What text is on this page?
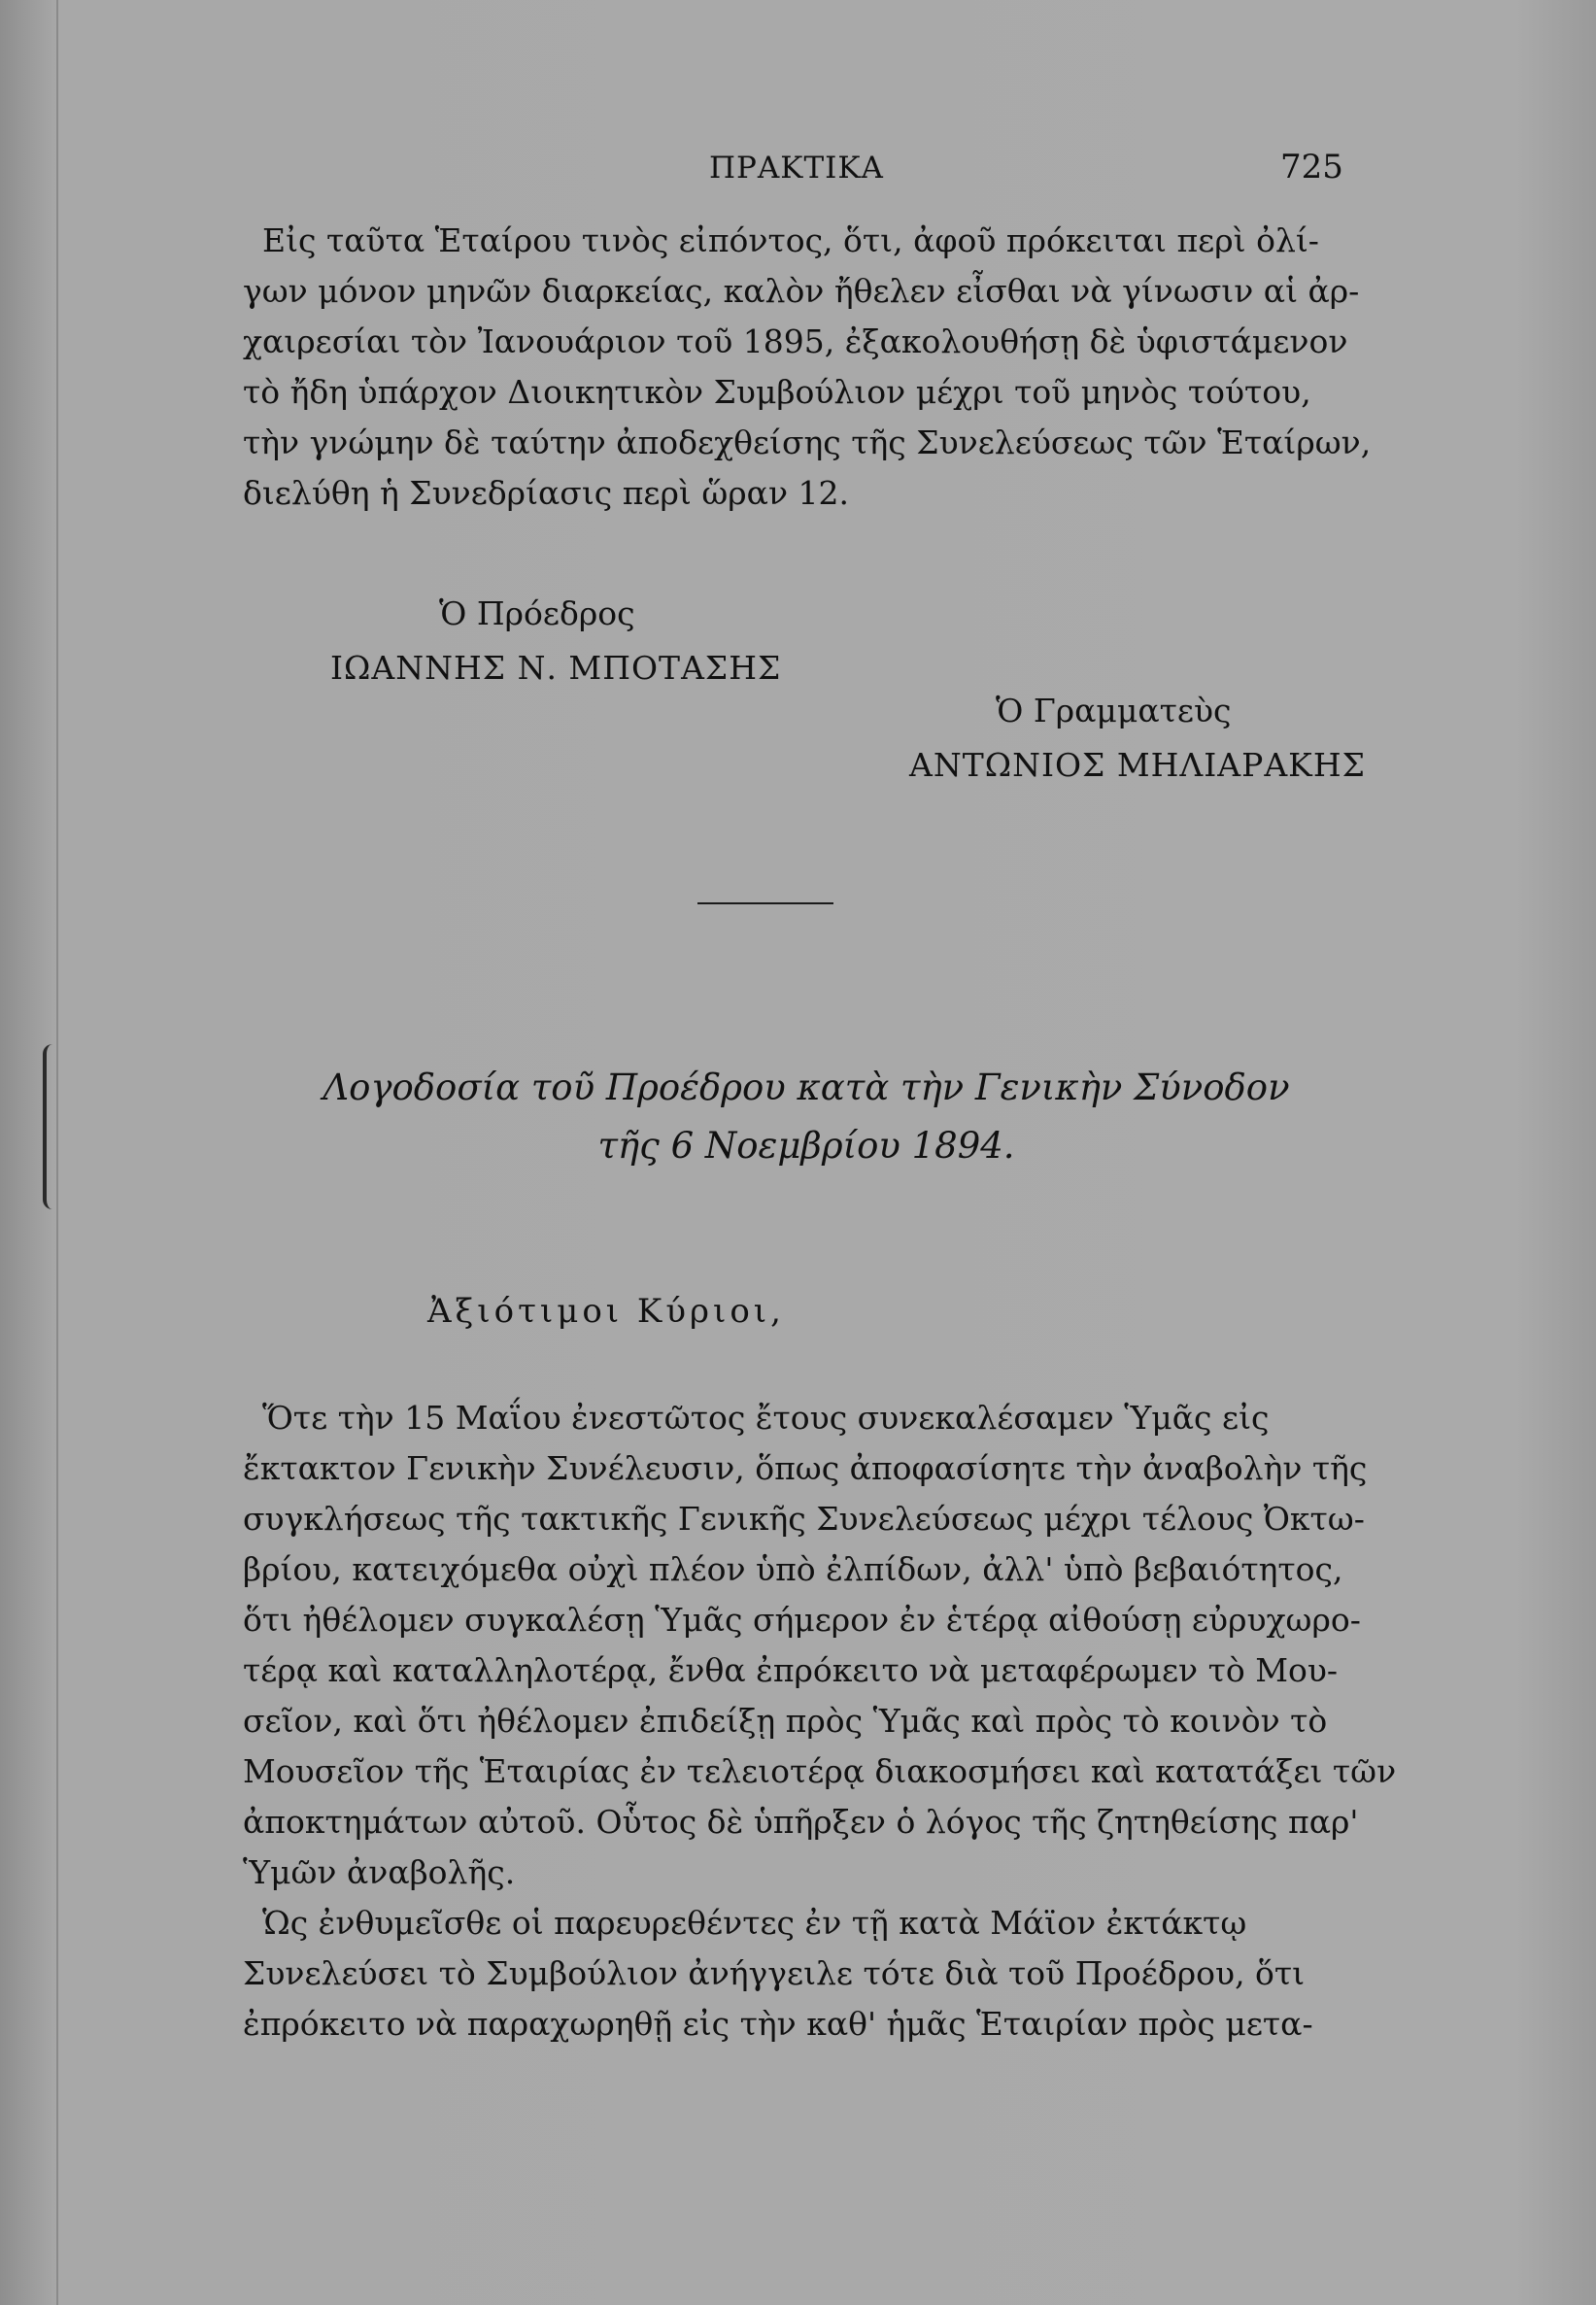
ΠΡΑΚΤΙΚΑ	725
Εἰς ταῦτα Ἑταίρου τινὸς εἰπόντος, ὅτι, ἀφοῦ πρόκειται περὶ ὀλί-
γων μόνον μηνῶν διαρκείας, καλὸν ἤθελεν εἶσθαι νὰ γίνωσιν αἱ ἀρ-
χαιρεσίαι τὸν Ἰανουάριον τοῦ 1895, ἐξακολουθήσῃ δὲ ὑφιστάμενον
τὸ ἤδη ὑπάρχον Διοικητικὸν Συμβούλιον μέχρι τοῦ μηνὸς τούτου,
τὴν γνώμην δὲ ταύτην ἀποδεχθείσης τῆς Συνελεύσεως τῶν Ἑταίρων,
διελύθη ἡ Συνεδρίασις περὶ ὥραν 12.
Ὁ Πρόεδρος
ΙΩΑΝΝΗΣ Ν. ΜΠΟΤΑΣΗΣ
Ὁ Γραμματεὺς
ΑΝΤΩΝΙΟΣ ΜΗΛΙΑΡΑΚΗΣ
Λογοδοσία τοῦ Προέδρου κατὰ τὴν Γενικὴν Σύνοδον
τῆς 6 Νοεμβρίου 1894.
Ἀξιότιμοι Κύριοι,
Ὅτε τὴν 15 Μαΐου ἐνεστῶτος ἔτους συνεκαλέσαμεν Ὑμᾶς εἰς
ἔκτακτον Γενικὴν Συνέλευσιν, ὅπως ἀποφασίσητε τὴν ἀναβολὴν τῆς
συγκλήσεως τῆς τακτικῆς Γενικῆς Συνελεύσεως μέχρι τέλους Ὀκτω-
βρίου, κατειχόμεθα οὐχὶ πλέον ὑπὸ ἐλπίδων, ἀλλ' ὑπὸ βεβαιότητος,
ὅτι ἠθέλομεν συγκαλέσῃ Ὑμᾶς σήμερον ἐν ἑτέρᾳ αἰθούσῃ εὐρυχωρο-
τέρᾳ καὶ καταλληλοτέρᾳ, ἔνθα ἐπρόκειτο νὰ μεταφέρωμεν τὸ Μου-
σεῖον, καὶ ὅτι ἠθέλομεν ἐπιδείξῃ πρὸς Ὑμᾶς καὶ πρὸς τὸ κοινὸν τὸ
Μουσεῖον τῆς Ἑταιρίας ἐν τελειοτέρᾳ διακοσμήσει καὶ κατατάξει τῶν
ἀποκτημάτων αὐτοῦ. Οὗτος δὲ ὑπῆρξεν ὁ λόγος τῆς ζητηθείσης παρ'
Ὑμῶν ἀναβολῆς.
Ὡς ἐνθυμεῖσθε οἱ παρευρεθέντες ἐν τῇ κατὰ Μάϊον ἐκτάκτῳ
Συνελεύσει τὸ Συμβούλιον ἀνήγγειλε τότε διὰ τοῦ Προέδρου, ὅτι
ἐπρόκειτο νὰ παραχωρηθῇ εἰς τὴν καθ' ἡμᾶς Ἑταιρίαν πρὸς μετα-
